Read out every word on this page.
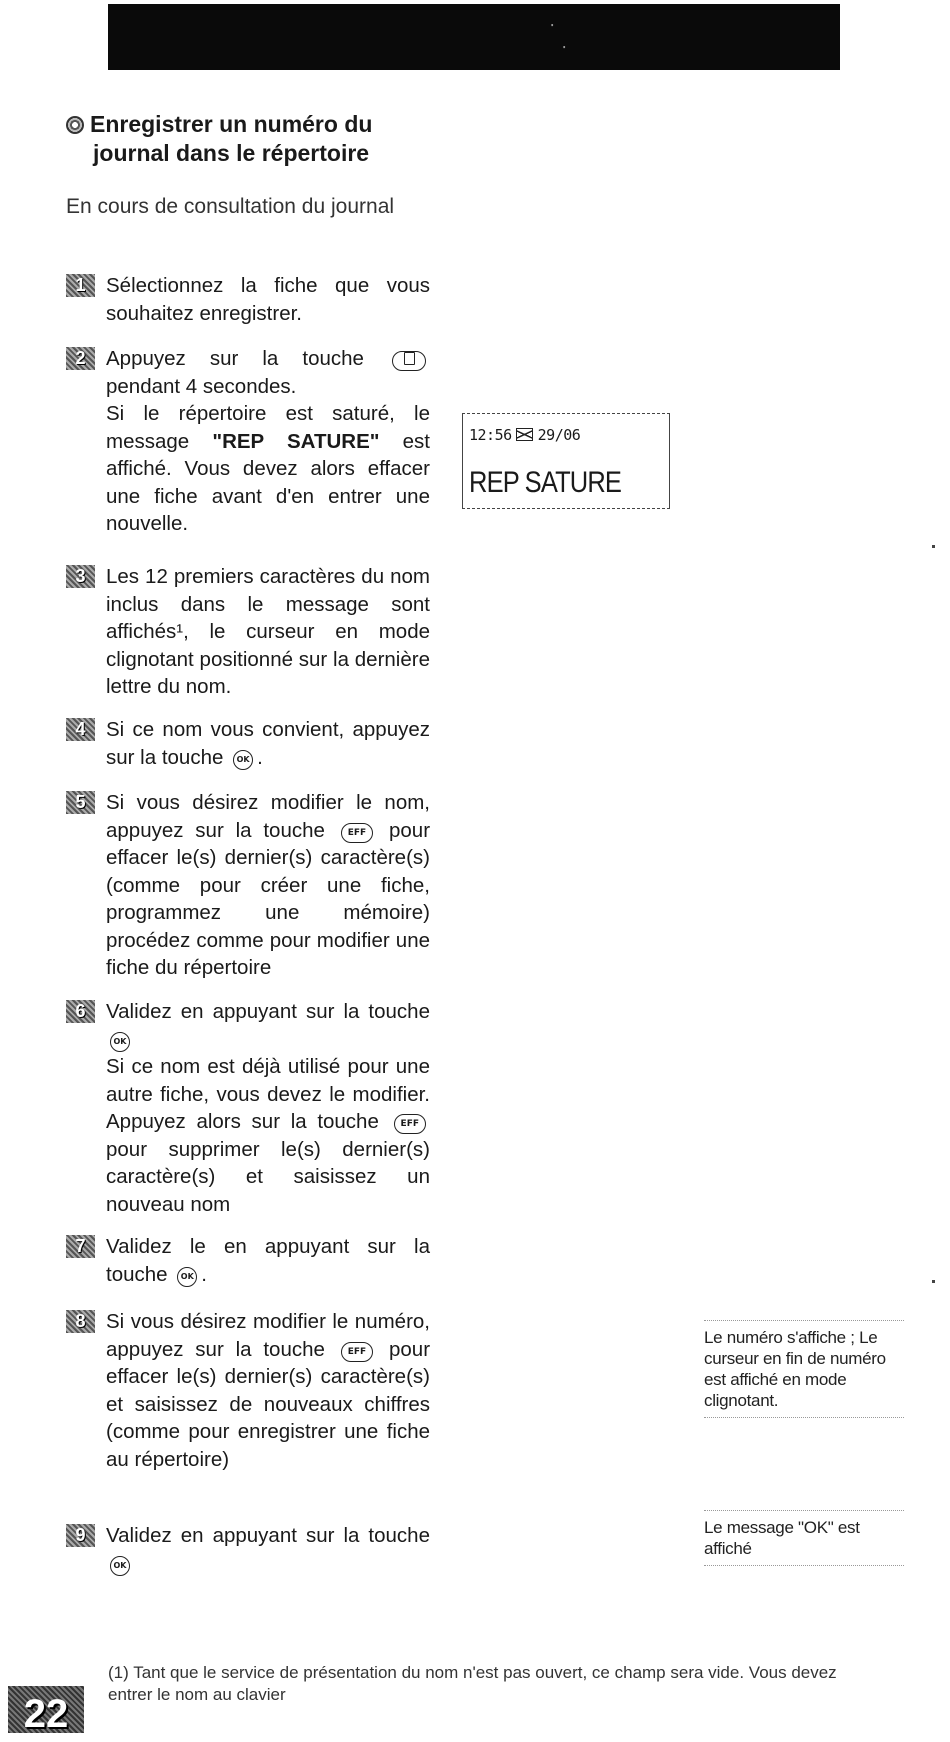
⋅
⋅
Enregistrer un numéro du
journal dans le répertoire
En cours de consultation du journal
1	Sélectionnez la fiche que vous souhaitez enregistrer.
2	Appuyez sur la touche  pendant 4 secondes.

Si le répertoire est saturé, le message "REP SATURE" est affiché. Vous devez alors effacer une fiche avant d'en entrer une nouvelle.

12:56 29/06
REP SATURE
3	Les 12 premiers caractères du nom inclus dans le message sont affichés¹, le curseur en mode clignotant positionné sur la dernière lettre du nom.
4	Si ce nom vous convient, appuyez sur la touche OK .
5	Si vous désirez modifier le nom, appuyez sur la touche	EFF pour effacer le(s) dernier(s) caractère(s) (comme pour créer une fiche, programmez une mémoire) procédez comme pour modifier une fiche du répertoire
6	Validez en appuyant sur la touche OK

Si ce nom est déjà utilisé pour une autre fiche, vous devez le modifier. Appuyez alors sur la touche EFF pour supprimer le(s) dernier(s) caractère(s) et saisissez un nouveau nom

7	Validez le en appuyant sur la touche OK .
8	Si vous désirez modifier le numéro, appuyez sur la touche	EFF pour effacer le(s) dernier(s) caractère(s) et saisissez de nouveaux chiffres (comme pour enregistrer une fiche au répertoire)
9	Validez en appuyant sur la touche OK
Le numéro s'affiche ; Le curseur en fin de numéro est affiché en mode clignotant.
Le message "OK" est affiché
(1) Tant que le service de présentation du nom n'est pas ouvert, ce champ sera vide. Vous devez entrer le nom au clavier
22
